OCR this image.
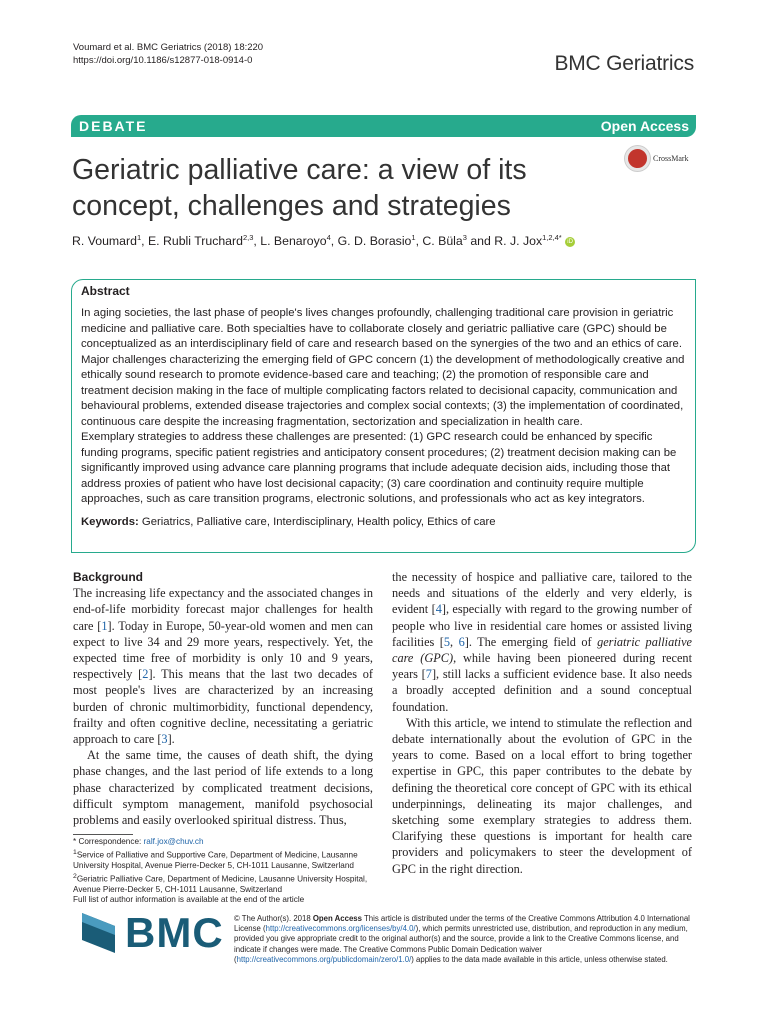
Voumard et al. BMC Geriatrics (2018) 18:220
https://doi.org/10.1186/s12877-018-0914-0	BMC Geriatrics
DEBATE	Open Access
Geriatric palliative care: a view of its concept, challenges and strategies
CrossMark
R. Voumard$^1$, E. Rubli Truchard$^{2,3}$, L. Benaroyo$^4$, G. D. Borasio$^1$, C. Büla$^3$ and R. J. Jox$^{1,2,4*}$ iD
Abstract

In aging societies, the last phase of people's lives changes profoundly, challenging traditional care provision in geriatric medicine and palliative care. Both specialties have to collaborate closely and geriatric palliative care (GPC) should be conceptualized as an interdisciplinary field of care and research based on the synergies of the two and an ethics of care.

Major challenges characterizing the emerging field of GPC concern (1) the development of methodologically creative and ethically sound research to promote evidence-based care and teaching; (2) the promotion of responsible care and treatment decision making in the face of multiple complicating factors related to decisional capacity, communication and behavioural problems, extended disease trajectories and complex social contexts; (3) the implementation of coordinated, continuous care despite the increasing fragmentation, sectorization and specialization in health care.

Exemplary strategies to address these challenges are presented: (1) GPC research could be enhanced by specific funding programs, specific patient registries and anticipatory consent procedures; (2) treatment decision making can be significantly improved using advance care planning programs that include adequate decision aids, including those that address proxies of patient who have lost decisional capacity; (3) care coordination and continuity require multiple approaches, such as care transition programs, electronic solutions, and professionals who act as key integrators.

Keywords: Geriatrics, Palliative care, Interdisciplinary, Health policy, Ethics of care

Background

The increasing life expectancy and the associated changes in end-of-life morbidity forecast major challenges for health care [1]. Today in Europe, 50-year-old women and men can expect to live 34 and 29 more years, respectively. Yet, the expected time free of morbidity is only 10 and 9 years, respectively [2]. This means that the last two decades of most people's lives are characterized by an increasing burden of chronic multimorbidity, functional dependency, frailty and often cognitive decline, necessitating a geriatric approach to care [3].

At the same time, the causes of death shift, the dying phase changes, and the last period of life extends to a long phase characterized by complicated treatment decisions, difficult symptom management, manifold psychosocial problems and easily overlooked spiritual distress. Thus,

the necessity of hospice and palliative care, tailored to the needs and situations of the elderly and very elderly, is evident [4], especially with regard to the growing number of people who live in residential care homes or assisted living facilities [5, 6]. The emerging field of geriatric palliative care (GPC), while having been pioneered during recent years [7], still lacks a sufficient evidence base. It also needs a broadly accepted definition and a sound conceptual foundation.

With this article, we intend to stimulate the reflection and debate internationally about the evolution of GPC in the years to come. Based on a local effort to bring together expertise in GPC, this paper contributes to the debate by defining the theoretical core concept of GPC with its ethical underpinnings, delineating its major challenges, and sketching some exemplary strategies to address them. Clarifying these questions is important for health care providers and policymakers to steer the development of GPC in the right direction.

* Correspondence: ralf.jox@chuv.ch
$^1$Service of Palliative and Supportive Care, Department of Medicine, Lausanne University Hospital, Avenue Pierre-Decker 5, CH-1011 Lausanne, Switzerland
$^2$Geriatric Palliative Care, Department of Medicine, Lausanne University Hospital, Avenue Pierre-Decker 5, CH-1011 Lausanne, Switzerland
Full list of author information is available at the end of the article
BMC © The Author(s). 2018 Open Access This article is distributed under the terms of the Creative Commons Attribution 4.0 International License (http://creativecommons.org/licenses/by/4.0/), which permits unrestricted use, distribution, and reproduction in any medium, provided you give appropriate credit to the original author(s) and the source, provide a link to the Creative Commons license, and indicate if changes were made. The Creative Commons Public Domain Dedication waiver (http://creativecommons.org/publicdomain/zero/1.0/) applies to the data made available in this article, unless otherwise stated.
